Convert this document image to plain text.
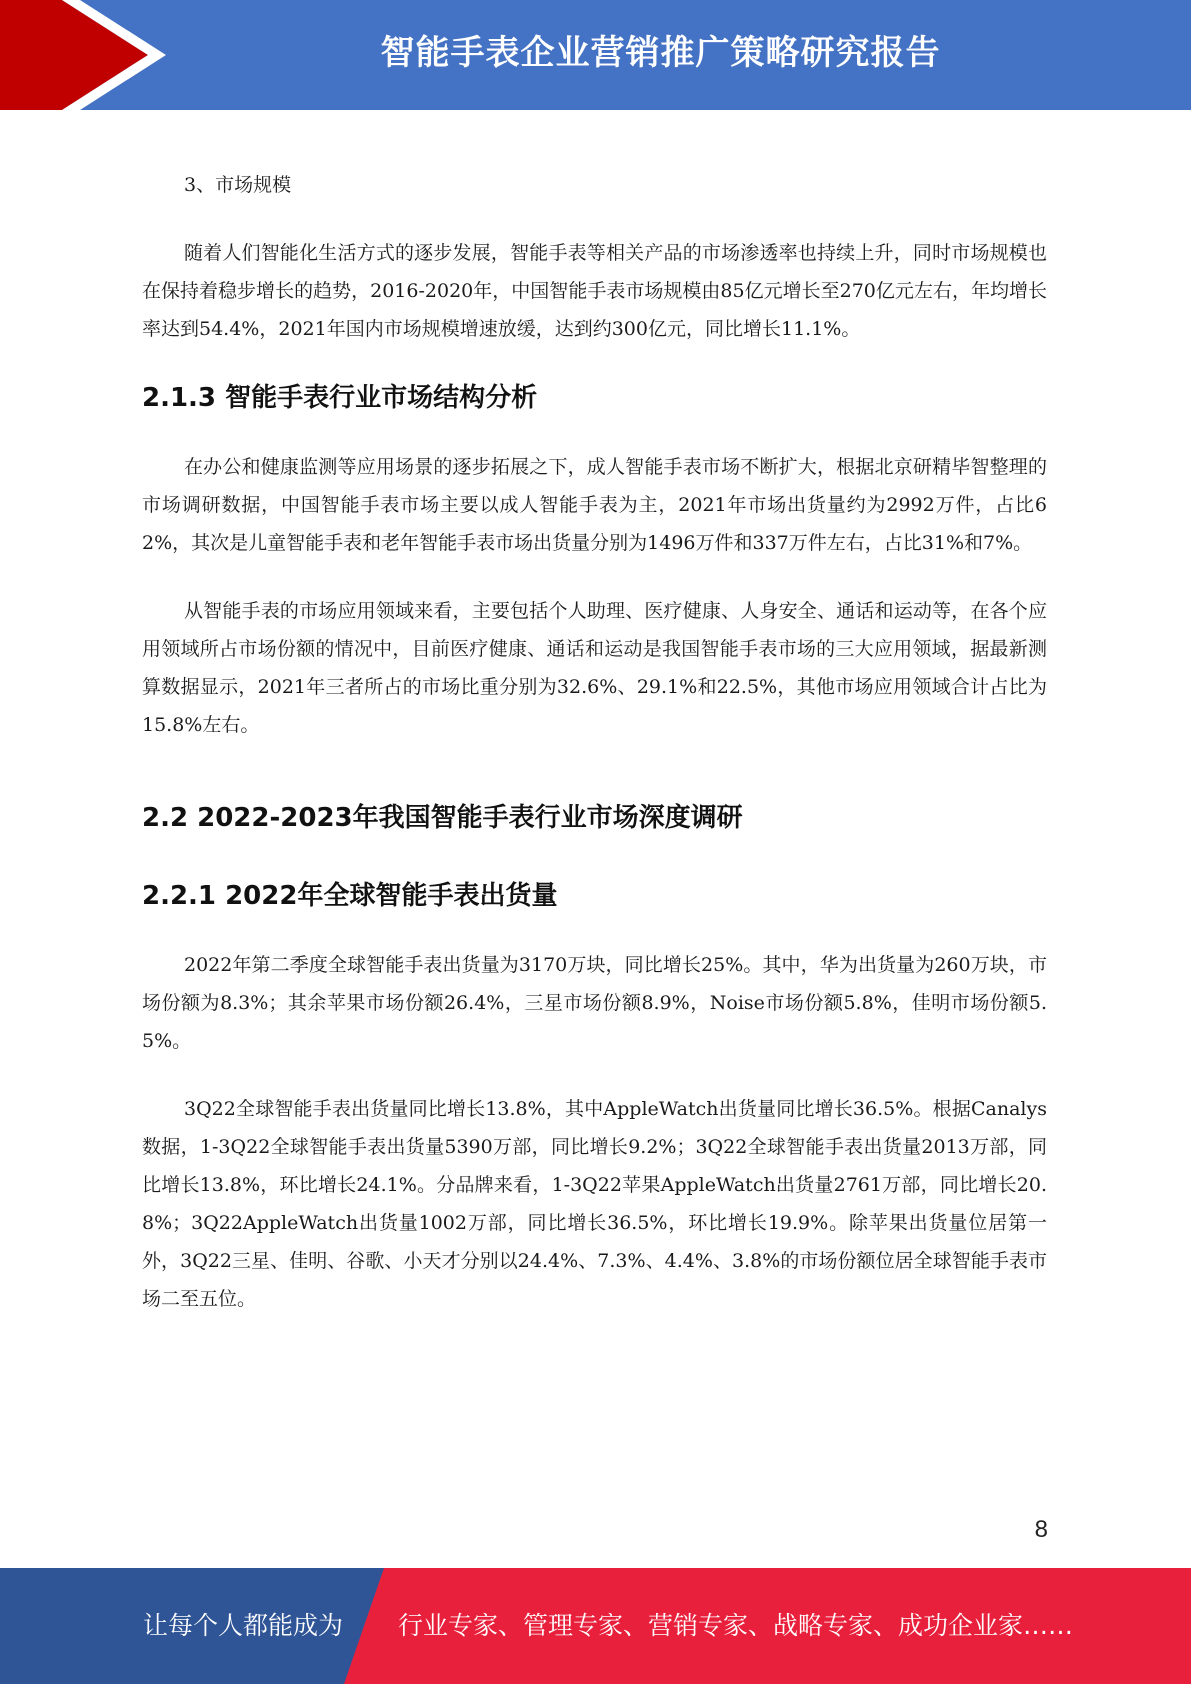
智能手表企业营销推广策略研究报告

3、市场规模

随着人们智能化生活方式的逐步发展，智能手表等相关产品的市场渗透率也持续上升，同时市场规模也在保持着稳步增长的趋势，2016-2020年，中国智能手表市场规模由85亿元增长至270亿元左右，年均增长率达到54.4%，2021年国内市场规模增速放缓，达到约300亿元，同比增长11.1%。

2.1.3 智能手表行业市场结构分析

在办公和健康监测等应用场景的逐步拓展之下，成人智能手表市场不断扩大，根据北京研精毕智整理的市场调研数据，中国智能手表市场主要以成人智能手表为主，2021年市场出货量约为2992万件，占比62%，其次是儿童智能手表和老年智能手表市场出货量分别为1496万件和337万件左右，占比31%和7%。

从智能手表的市场应用领域来看，主要包括个人助理、医疗健康、人身安全、通话和运动等，在各个应用领域所占市场份额的情况中，目前医疗健康、通话和运动是我国智能手表市场的三大应用领域，据最新测算数据显示，2021年三者所占的市场比重分别为32.6%、29.1%和22.5%，其他市场应用领域合计占比为15.8%左右。

2.2 2022-2023年我国智能手表行业市场深度调研
2.2.1 2022年全球智能手表出货量

2022年第二季度全球智能手表出货量为3170万块，同比增长25%。其中，华为出货量为260万块，市场份额为8.3%；其余苹果市场份额26.4%，三星市场份额8.9%，Noise市场份额5.8%，佳明市场份额5.5%。

3Q22全球智能手表出货量同比增长13.8%，其中AppleWatch出货量同比增长36.5%。根据Canalys数据，1-3Q22全球智能手表出货量5390万部，同比增长9.2%；3Q22全球智能手表出货量2013万部，同比增长13.8%，环比增长24.1%。分品牌来看，1-3Q22苹果AppleWatch出货量2761万部，同比增长20.8%；3Q22AppleWatch出货量1002万部，同比增长36.5%，环比增长19.9%。除苹果出货量位居第一外，3Q22三星、佳明、谷歌、小天才分别以24.4%、7.3%、4.4%、3.8%的市场份额位居全球智能手表市场二至五位。

8
让每个人都能成为 行业专家、管理专家、营销专家、战略专家、成功企业家……
